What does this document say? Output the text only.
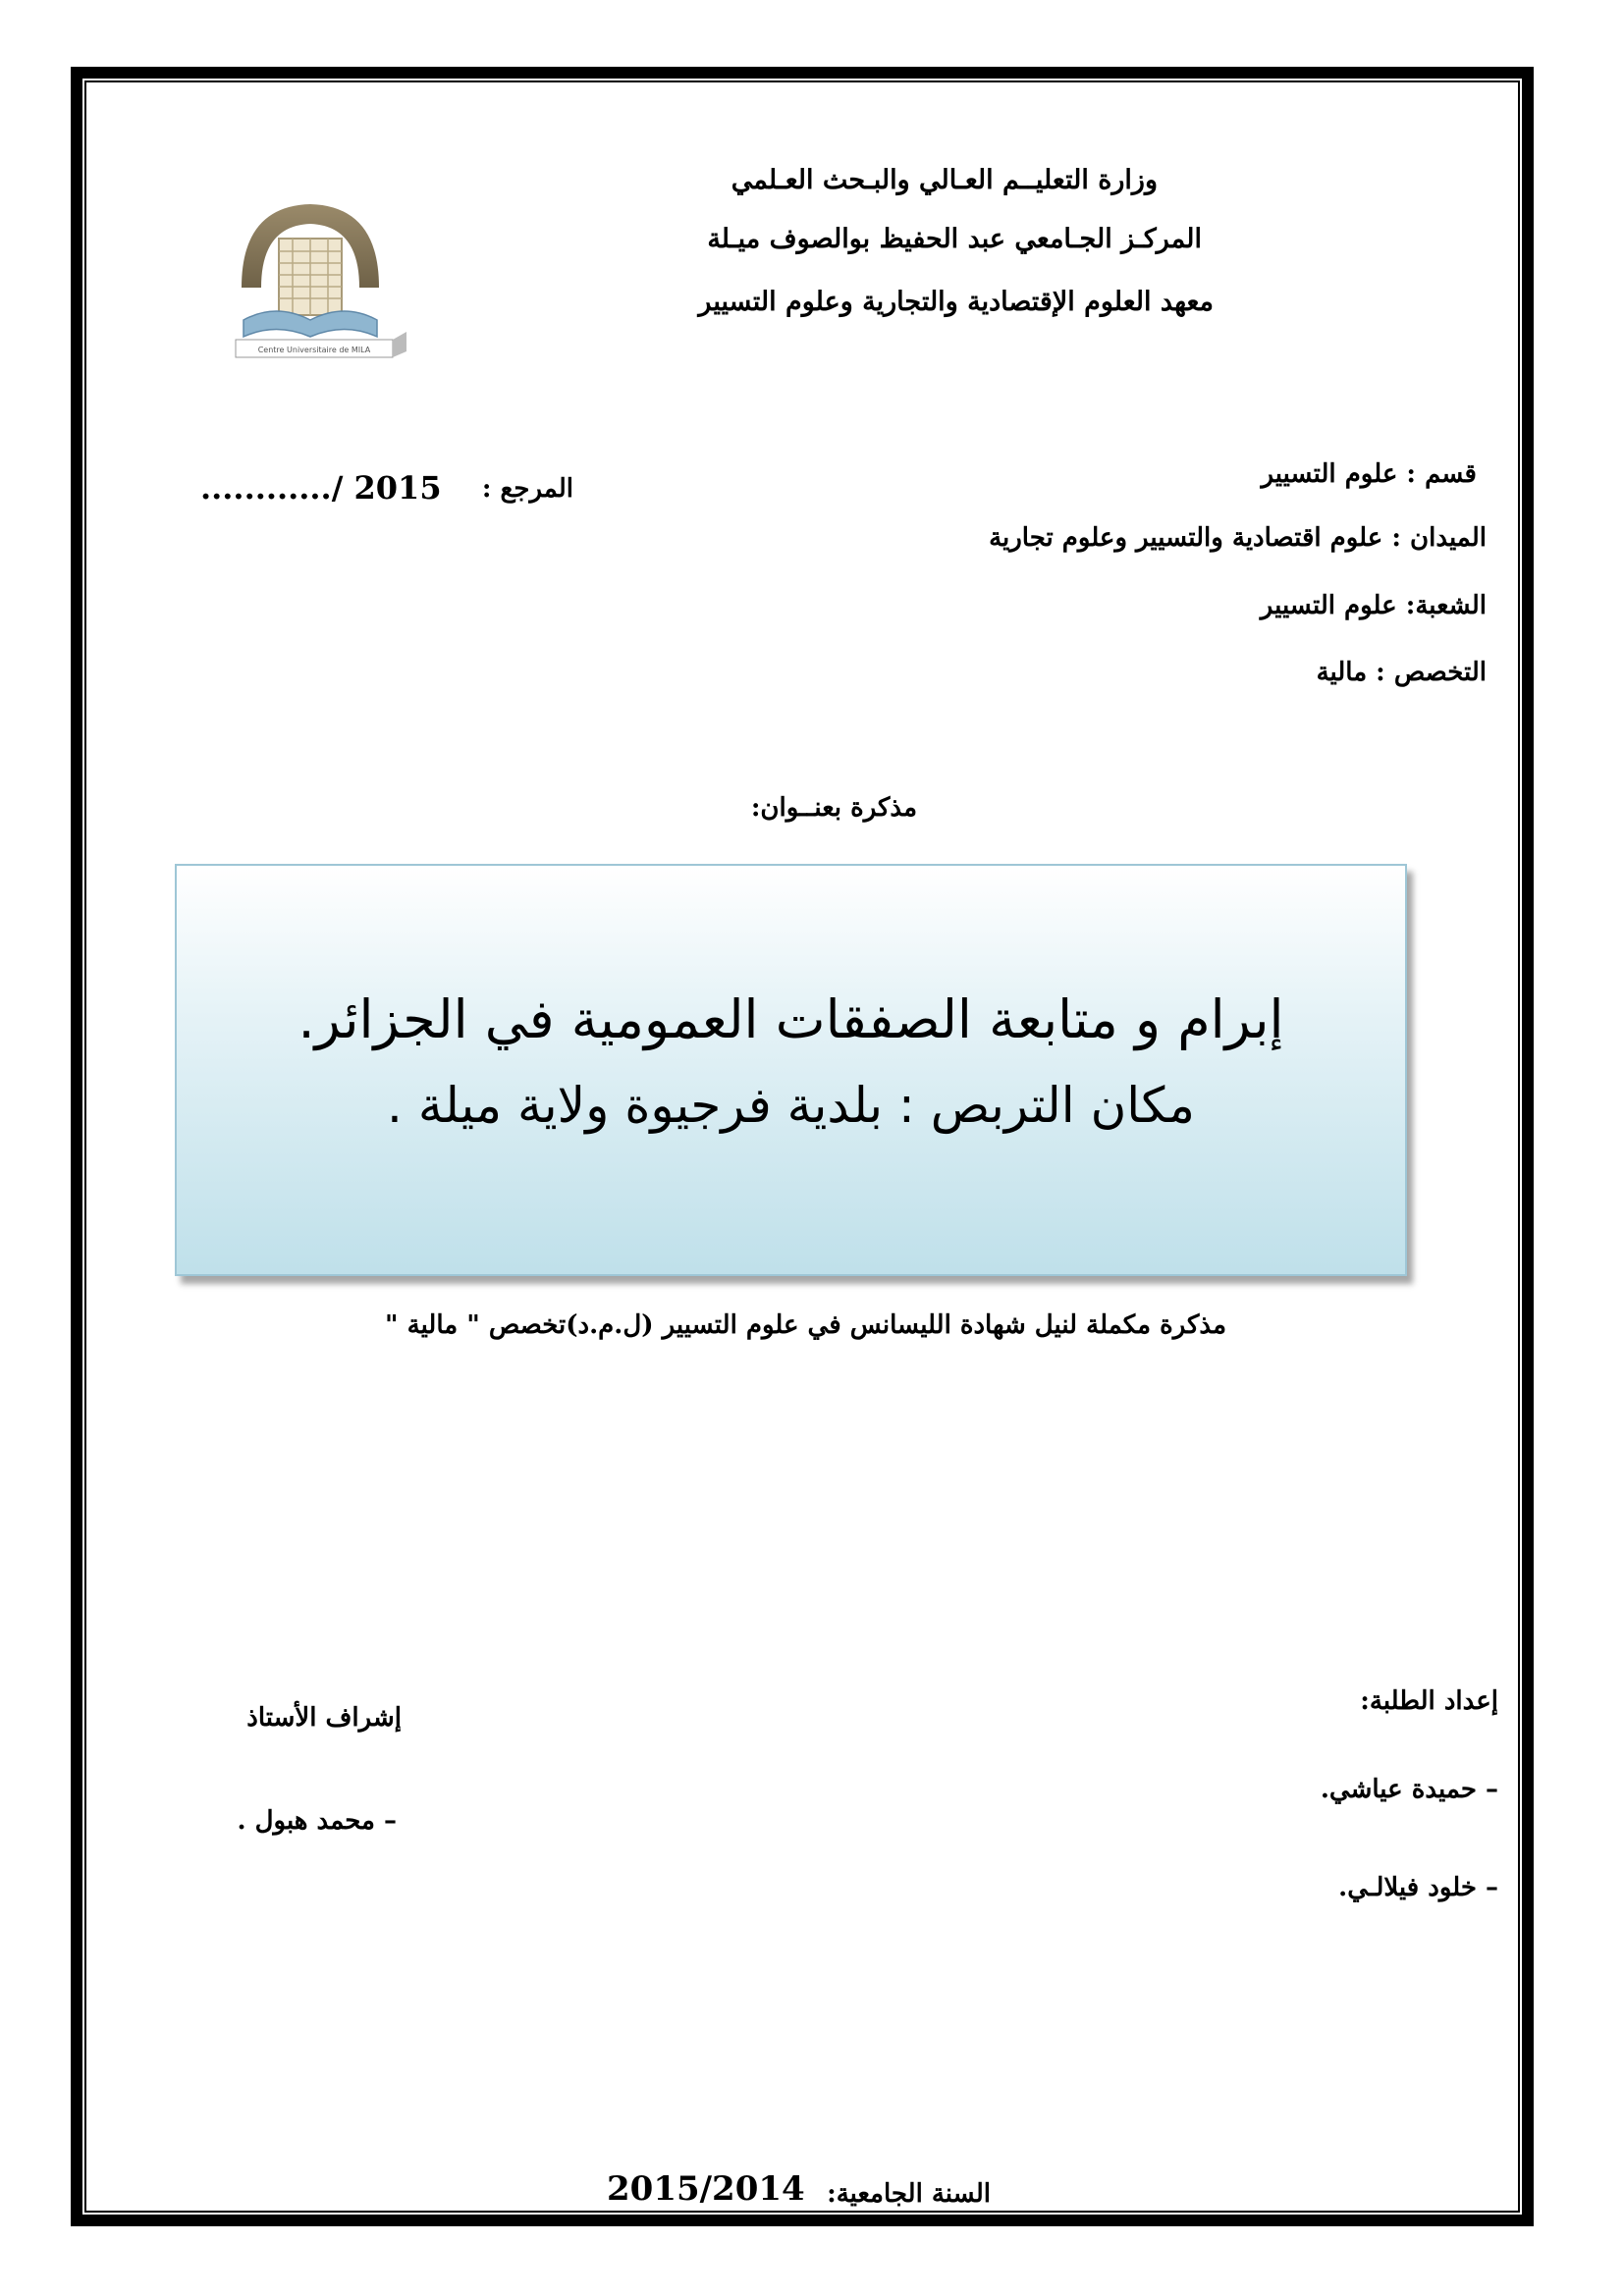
وزارة التعليــم العـالي والبـحث العـلمي
المركـز الجـامعي عبد الحفيظ بوالصوف ميـلة
معهد العلوم الإقتصادية والتجارية وعلوم التسيير
Centre Universitaire de MILA
............/ 2015 المرجع :	قسم : علوم التسيير
الميدان : علوم اقتصادية والتسيير وعلوم تجارية
الشعبة: علوم التسيير
التخصص : مالية
مذكرة بعنــوان:
إبرام و متابعة الصفقات العمومية في الجزائر.
مكان التربص : بلدية فرجيوة ولاية ميلة .
مذكرة مكملة لنيل شهادة الليسانس في علوم التسيير (ل.م.د)تخصص " مالية "
إعداد الطلبة:
– حميدة عياشي.
– خلود فيلالـي.
إشراف الأستاذ
– محمد هبول .
السنة الجامعية:
2015/2014
